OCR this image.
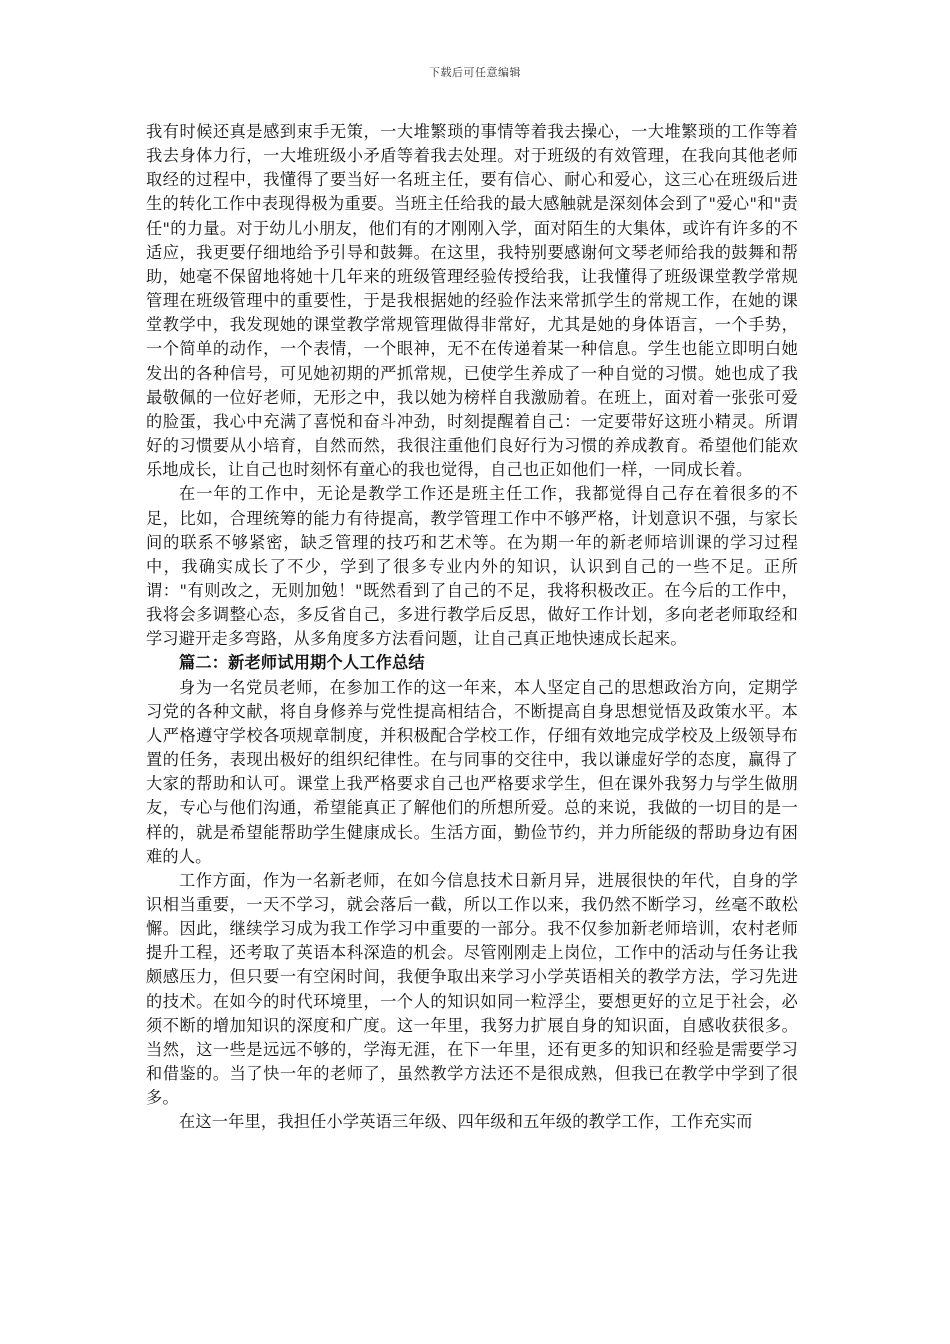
下载后可任意编辑

我有时候还真是感到束手无策，一大堆繁琐的事情等着我去操心，一大堆繁琐的工作等着我去身体力行，一大堆班级小矛盾等着我去处理。对于班级的有效管理，在我向其他老师取经的过程中，我懂得了要当好一名班主任，要有信心、耐心和爱心，这三心在班级后进生的转化工作中表现得极为重要。当班主任给我的最大感触就是深刻体会到了"爱心"和"责任"的力量。对于幼儿小朋友，他们有的才刚刚入学，面对陌生的大集体，或许有许多的不适应，我更要仔细地给予引导和鼓舞。在这里，我特别要感谢何文琴老师给我的鼓舞和帮助，她毫不保留地将她十几年来的班级管理经验传授给我，让我懂得了班级课堂教学常规管理在班级管理中的重要性，于是我根据她的经验作法来常抓学生的常规工作，在她的课堂教学中，我发现她的课堂教学常规管理做得非常好，尤其是她的身体语言，一个手势，一个简单的动作，一个表情，一个眼神，无不在传递着某一种信息。学生也能立即明白她发出的各种信号，可见她初期的严抓常规，已使学生养成了一种自觉的习惯。她也成了我最敬佩的一位好老师，无形之中，我以她为榜样自我激励着。在班上，面对着一张张可爱的脸蛋，我心中充满了喜悦和奋斗冲劲，时刻提醒着自己：一定要带好这班小精灵。所谓好的习惯要从小培育，自然而然，我很注重他们良好行为习惯的养成教育。希望他们能欢乐地成长，让自己也时刻怀有童心的我也觉得，自己也正如他们一样，一同成长着。

在一年的工作中，无论是教学工作还是班主任工作，我都觉得自己存在着很多的不足，比如，合理统筹的能力有待提高，教学管理工作中不够严格，计划意识不强，与家长间的联系不够紧密，缺乏管理的技巧和艺术等。在为期一年的新老师培训课的学习过程中，我确实成长了不少，学到了很多专业内外的知识，认识到自己的一些不足。正所谓："有则改之，无则加勉！"既然看到了自己的不足，我将积极改正。在今后的工作中，我将会多调整心态，多反省自己，多进行教学后反思，做好工作计划，多向老老师取经和学习避开走多弯路，从多角度多方法看问题，让自己真正地快速成长起来。

篇二：新老师试用期个人工作总结

身为一名党员老师，在参加工作的这一年来，本人坚定自己的思想政治方向，定期学习党的各种文献，将自身修养与党性提高相结合，不断提高自身思想觉悟及政策水平。本人严格遵守学校各项规章制度，并积极配合学校工作，仔细有效地完成学校及上级领导布置的任务，表现出极好的组织纪律性。在与同事的交往中，我以谦虚好学的态度，赢得了大家的帮助和认可。课堂上我严格要求自己也严格要求学生，但在课外我努力与学生做朋友，专心与他们沟通，希望能真正了解他们的所想所爱。总的来说，我做的一切目的是一样的，就是希望能帮助学生健康成长。生活方面，勤俭节约，并力所能级的帮助身边有困难的人。

工作方面，作为一名新老师，在如今信息技术日新月异，进展很快的年代，自身的学识相当重要，一天不学习，就会落后一截，所以工作以来，我仍然不断学习，丝毫不敢松懈。因此，继续学习成为我工作学习中重要的一部分。我不仅参加新老师培训，农村老师提升工程，还考取了英语本科深造的机会。尽管刚刚走上岗位，工作中的活动与任务让我颇感压力，但只要一有空闲时间，我便争取出来学习小学英语相关的教学方法，学习先进的技术。在如今的时代环境里，一个人的知识如同一粒浮尘，要想更好的立足于社会，必须不断的增加知识的深度和广度。这一年里，我努力扩展自身的知识面，自感收获很多。当然，这一些是远远不够的，学海无涯，在下一年里，还有更多的知识和经验是需要学习和借鉴的。当了快一年的老师了，虽然教学方法还不是很成熟，但我已在教学中学到了很多。

在这一年里，我担任小学英语三年级、四年级和五年级的教学工作，工作充实而
